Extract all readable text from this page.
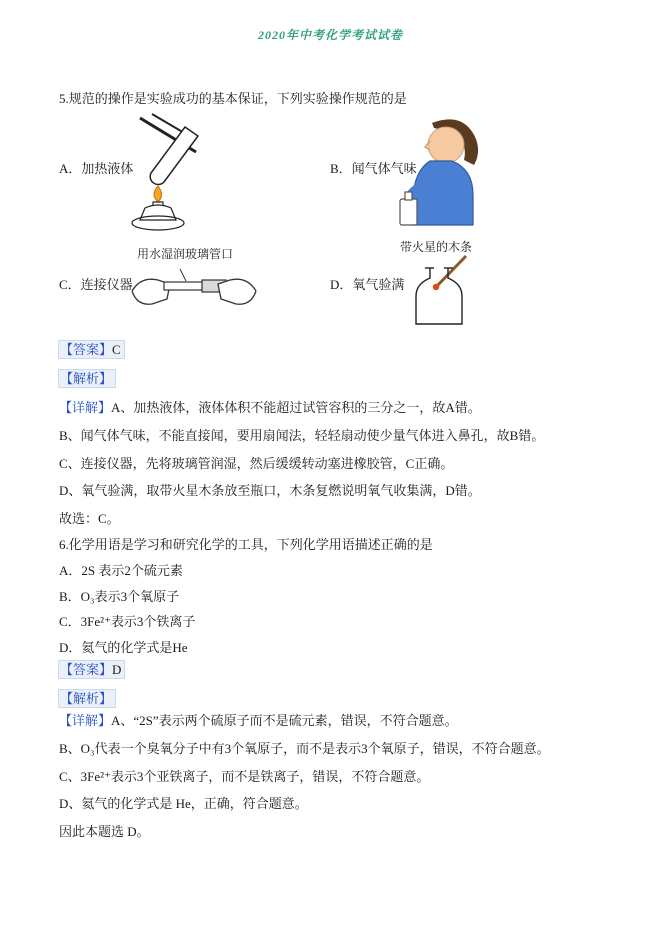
2020年中考化学考试试卷
5.规范的操作是实验成功的基本保证，下列实验操作规范的是
A．加热液体	B．闻气体气味
用水湿润玻璃管口
C．连接仪器
带火星的木条
D．氧气验满
【答案】C
【解析】
【详解】A、加热液体，液体体积不能超过试管容积的三分之一，故A错。
B、闻气体气味，不能直接闻，要用扇闻法，轻轻扇动使少量气体进入鼻孔，故B错。
C、连接仪器，先将玻璃管润湿，然后缓缓转动塞进橡胶管，C正确。
D、氧气验满，取带火星木条放至瓶口，木条复燃说明氧气收集满，D错。
故选：C。
6.化学用语是学习和研究化学的工具，下列化学用语描述正确的是
A．2S 表示2个硫元素
B．O₃表示3个氧原子
C．3Fe²⁺表示3个铁离子
D．氦气的化学式是He
【答案】D
【解析】
【详解】A、“2S”表示两个硫原子而不是硫元素，错误，不符合题意。
B、O₃代表一个臭氧分子中有3个氧原子，而不是表示3个氧原子，错误，不符合题意。
C、3Fe²⁺表示3个亚铁离子，而不是铁离子，错误，不符合题意。
D、氦气的化学式是 He，正确，符合题意。
因此本题选 D。
